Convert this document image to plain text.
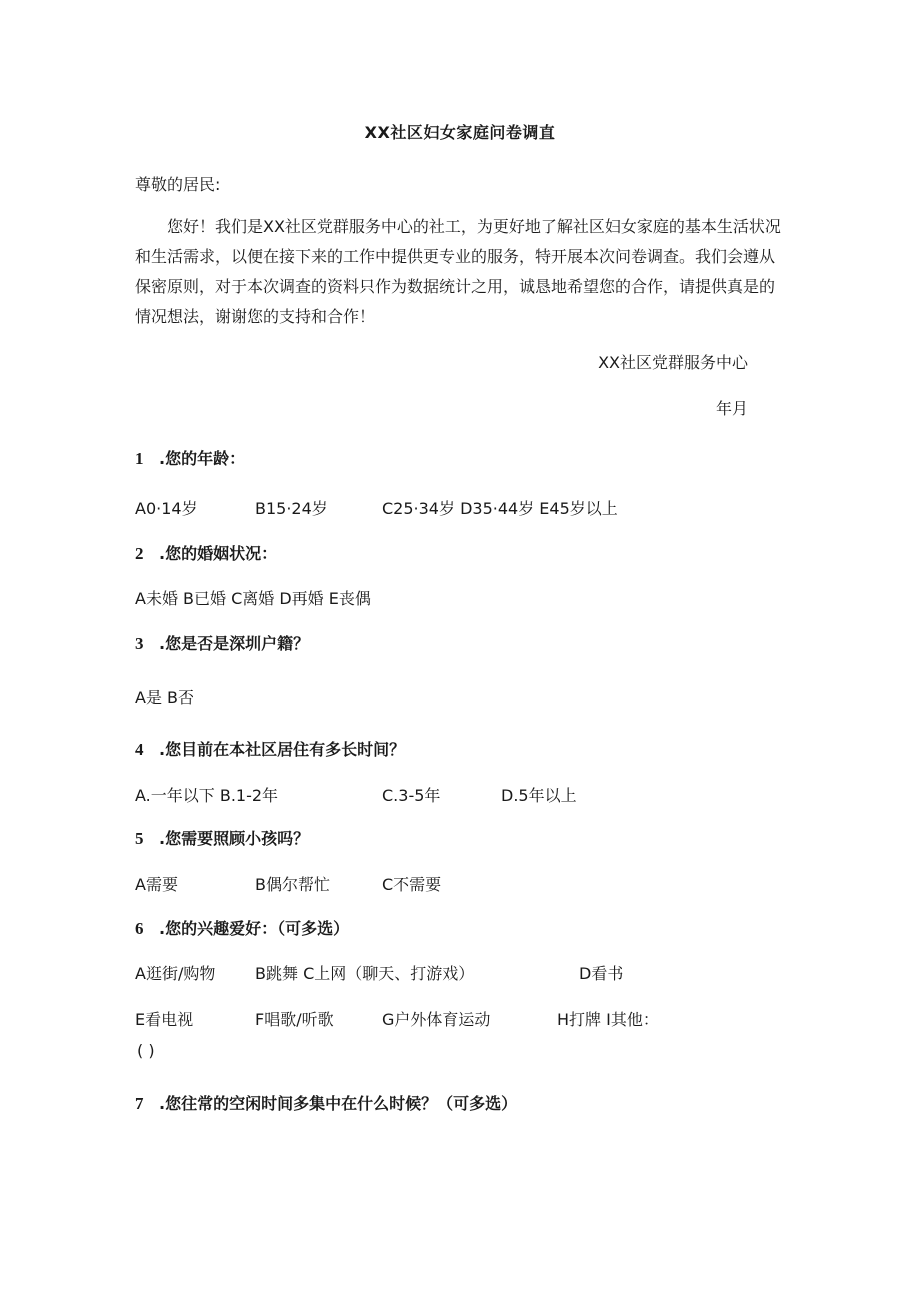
XX社区妇女家庭问卷调直
尊敬的居民:
您好！我们是XX社区党群服务中心的社工，为更好地了解社区妇女家庭的基本生活状况和生活需求，以便在接下来的工作中提供更专业的服务，特开展本次问卷调查。我们会遵从保密原则，对于本次调查的资料只作为数据统计之用，诚恳地希望您的合作，请提供真是的情况想法，谢谢您的支持和合作！
XX社区党群服务中心
年月
1 .您的年龄：
A0·14岁	B15·24岁	C25·34岁 D35·44岁 E45岁以上
2 .您的婚姻状况：
A未婚 B已婚 C离婚 D再婚 E丧偶
3 .您是否是深圳户籍？
A是 B否
4 .您目前在本社区居住有多长时间？
A.一年以下 B.1-2年	C.3-5年	D.5年以上
5 .您需要照顾小孩吗？
A需要	B偶尔帮忙	C不需要
6 .您的兴趣爱好：（可多选）
A逛街/购物 B跳舞 C上网（聊天、打游戏）	D看书
E看电视	F唱歌/听歌	G户外体育运动	H打牌 I其他：
( )
7 .您往常的空闲时间多集中在什么时候？（可多选）
